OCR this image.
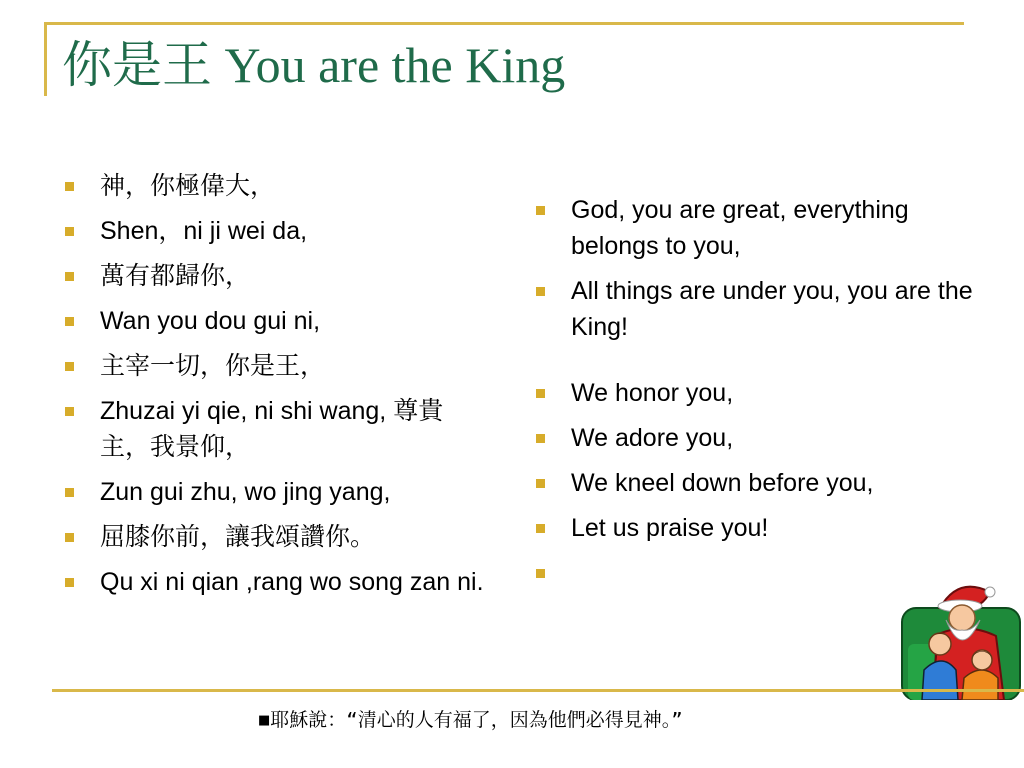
你是王 You are the King
神，你極偉大，
Shen，ni ji wei da,
萬有都歸你，
Wan you dou gui ni,
主宰一切，你是王，
Zhuzai yi qie, ni shi wang, 尊貴主，我景仰，
Zun gui zhu, wo jing yang,
屈膝你前，讓我頌讚你。
Qu xi ni qian ,rang wo song zan ni.
God, you are great, everything belongs to you,
All things are under you, you are the King!
We honor you,
We adore you,
We kneel down before you,
Let us praise you!
■耶穌說：“清心的人有福了，因為他們必得見神。”
